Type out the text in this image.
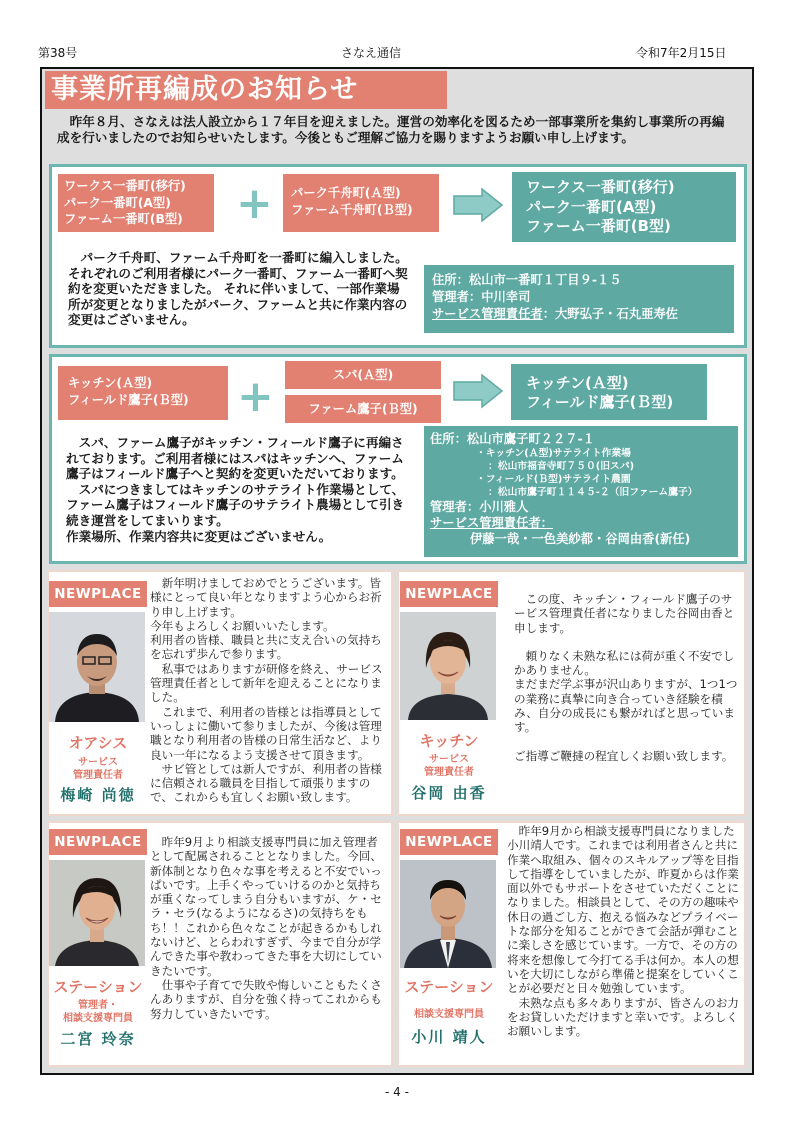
第38号	さなえ通信	令和7年2月15日
事業所再編成のお知らせ
　昨年８月、さなえは法人設立から１７年目を迎えました。運営の効率化を図るため一部事業所を集約し事業所の再編成を行いましたのでお知らせいたします。今後ともご理解ご協力を賜りますようお願い申し上げます。
ワークス一番町(移行)
パーク一番町(A型)
ファーム一番町(B型)	+ パーク千舟町(Ａ型)
ファーム千舟町(Ｂ型)
ワークス一番町(移行)
パーク一番町(A型)
ファーム一番町(B型)
　パーク千舟町、ファーム千舟町を一番町に編入しました。それぞれのご利用者様にパーク一番町、ファーム一番町へ契約を変更いただきました。 それに伴いまして、一部作業場所が変更となりましたがパーク、ファームと共に作業内容の変更はございません。
住所：松山市一番町１丁目９-１５
管理者：中川幸司
サービス管理責任者：大野弘子・石丸亜寿佐
キッチン(Ａ型)
フィールド鷹子(Ｂ型)	+	スパ(Ａ型)
ファーム鷹子(Ｂ型)
キッチン(Ａ型)
フィールド鷹子(Ｂ型)
　スパ、ファーム鷹子がキッチン・フィールド鷹子に再編されております。ご利用者様にはスパはキッチンへ、ファーム鷹子はフィールド鷹子へと契約を変更いただいております。
　スパにつきましてはキッチンのサテライト作業場として、ファーム鷹子はフィールド鷹子のサテライト農場として引き続き運営をしてまいります。
作業場所、作業内容共に変更はございません。
住所：松山市鷹子町２２７-１
・キッチン(Ａ型)サテライト作業場
：松山市福音寺町７５０(旧スパ)
・フィールド(Ｂ型)サテライト農園
：松山市鷹子町１１４５-２（旧ファーム鷹子）
管理者：小川雅人
サービス管理責任者：
伊藤一哉・一色美紗都・谷岡由香(新任)
NEWPLACE
オアシス
サービス
管理責任者
梅崎 尚徳

　新年明けましておめでとうございます。皆様にとって良い年となりますよう心からお祈り申し上げます。

今年もよろしくお願いいたします。

利用者の皆様、職員と共に支え合いの気持ちを忘れず歩んで参ります。

　私事ではありますが研修を終え、サービス管理責任者として新年を迎えることになりました。

　これまで、利用者の皆様とは指導員としていっしょに働いて参りましたが、今後は管理職となり利用者の皆様の日常生活など、より良い一年になるよう支援させて頂きます。

　サビ管としては新人ですが、利用者の皆様に信頼される職員を目指して頑張りますので、これからも宜しくお願い致します。

NEWPLACE
キッチン
サービス
管理責任者
谷岡 由香

　この度、キッチン・フィールド鷹子のサービス管理責任者になりました谷岡由香と申します。

　頼りなく未熟な私には荷が重く不安でしかありません。

まだまだ学ぶ事が沢山ありますが、1つ1つの業務に真摯に向き合っていき経験を積み、自分の成長にも繋がればと思っています。

ご指導ご鞭撻の程宜しくお願い致します。

NEWPLACE
ステーション
管理者・
相談支援専門員
二宮 玲奈

　昨年9月より相談支援専門員に加え管理者として配属されることとなりました。今回、新体制となり色々な事を考えると不安でいっぱいです。上手くやっていけるのかと気持ちが重くなってしまう自分もいますが、ケ・セラ・セラ(なるようになるさ)の気持ちをもち！！これから色々なことが起きるかもしれないけど、とらわれすぎず、今まで自分が学んできた事や教わってきた事を大切にしていきたいです。

　仕事や子育てで失敗や悔しいこともたくさんありますが、自分を強く持ってこれからも努力していきたいです。

NEWPLACE
ステーション
相談支援専門員
小川 靖人

　昨年9月から相談支援専門員になりました小川靖人です。これまでは利用者さんと共に作業へ取組み、個々のスキルアップ等を目指して指導をしていましたが、昨夏からは作業面以外でもサポートをさせていただくことになりました。相談員として、その方の趣味や休日の過ごし方、抱える悩みなどプライベートな部分を知ることができて会話が弾むことに楽しさを感じています。一方で、その方の将来を想像して今打てる手は何か。本人の想いを大切にしながら準備と提案をしていくことが必要だと日々勉強しています。

　未熟な点も多々ありますが、皆さんのお力をお貸しいただけますと幸いです。よろしくお願いします。

- 4 -
